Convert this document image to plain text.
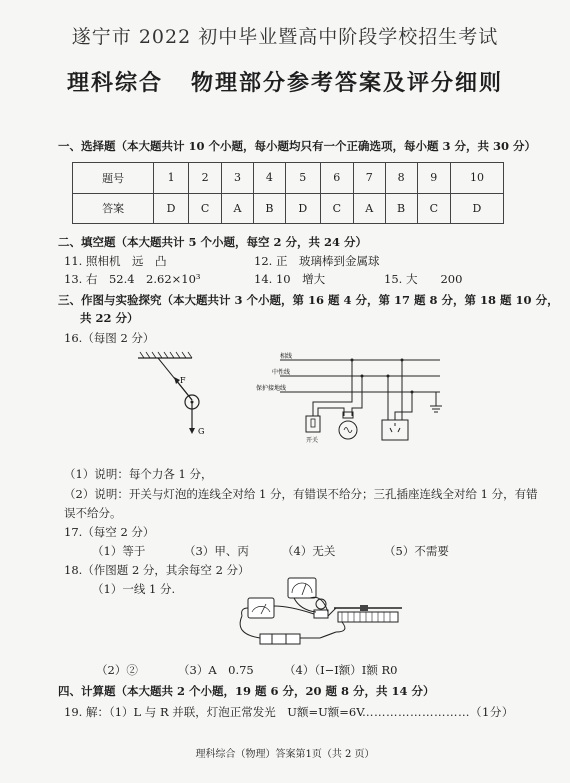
遂宁市 2022 初中毕业暨高中阶段学校招生考试
理科综合 物理部分参考答案及评分细则
一、选择题（本大题共计 10 个小题，每小题均只有一个正确选项，每小题 3 分，共 30 分）
题号	1	2	3	4	5	6	7	8	9	10
答案	D	C	A	B	D	C	A	B	C	D
二、填空题（本大题共计 5 个小题，每空 2 分，共 24 分）
11. 照相机　远　凸	12. 正　玻璃棒到金属球
13. 右　52.4　2.62×10³	14. 10　增大	15. 大　　200
三、作图与实验探究（本大题共计 3 个小题，第 16 题 4 分，第 17 题 8 分，第 18 题 10 分，
共 22 分）
16.（每图 2 分）
F
G
相线
中性线
保护接地线
开关
（1）说明：每个力各 1 分，
（2）说明：开关与灯泡的连线全对给 1 分，有错误不给分；三孔插座连线全对给 1 分，有错
误不给分。
17.（每空 2 分）
（1）等于	（3）甲、丙	（4）无关	（5）不需要
18.（作图题 2 分，其余每空 2 分）
（1）一线 1 分.
（2）②	（3）A　0.75	（4）（I−I额）I额 R0
四、计算题（本大题共 2 个小题，19 题 6 分，20 题 8 分，共 14 分）
19. 解：（1）L 与 R 并联，灯泡正常发光　U额=U额=6V
………………………（1分）
理科综合（物理）答案第1页（共 2 页）
